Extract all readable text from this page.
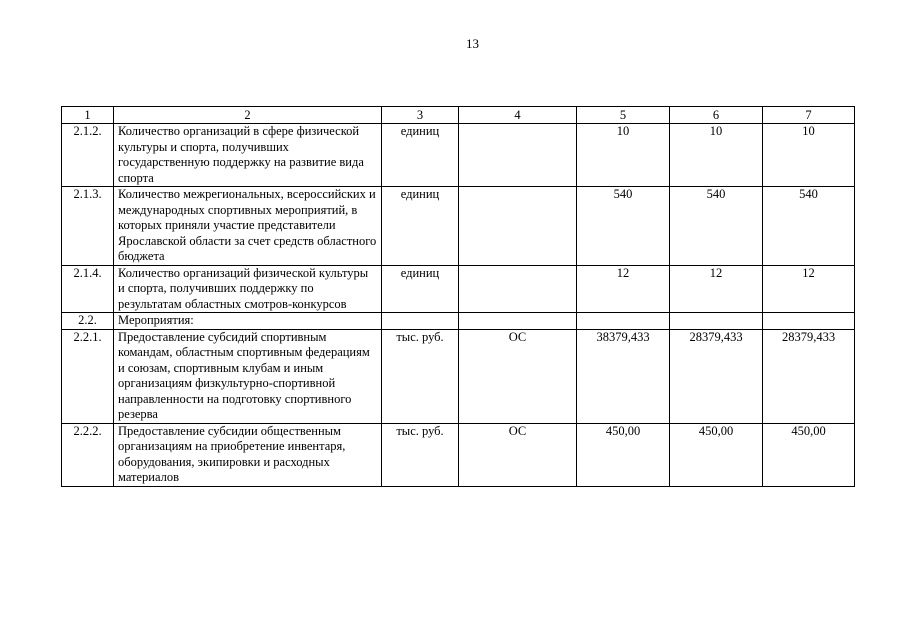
13
1	2	3	4	5	6	7
2.1.2.	Количество организаций в сфере физической культуры и спорта, получивших государственную поддержку на развитие вида спорта	единиц		10	10	10
2.1.3.	Количество межрегиональных, всероссийских и международных спортивных мероприятий, в которых приняли участие представители Ярославской области за счет средств областного бюджета	единиц		540	540	540
2.1.4.	Количество организаций физической культуры и спорта, получивших поддержку по результатам областных смотров-конкурсов	единиц		12	12	12
2.2.	Мероприятия:					
2.2.1.	Предоставление субсидий спортивным командам, областным спортивным федерациям и союзам, спортивным клубам и иным организациям физкультурно-спортивной направленности на подготовку спортивного резерва	тыс. руб.	ОС	38379,433	28379,433	28379,433
2.2.2.	Предоставление субсидии общественным организациям на приобретение инвентаря, оборудования, экипировки и расходных материалов	тыс. руб.	ОС	450,00	450,00	450,00
